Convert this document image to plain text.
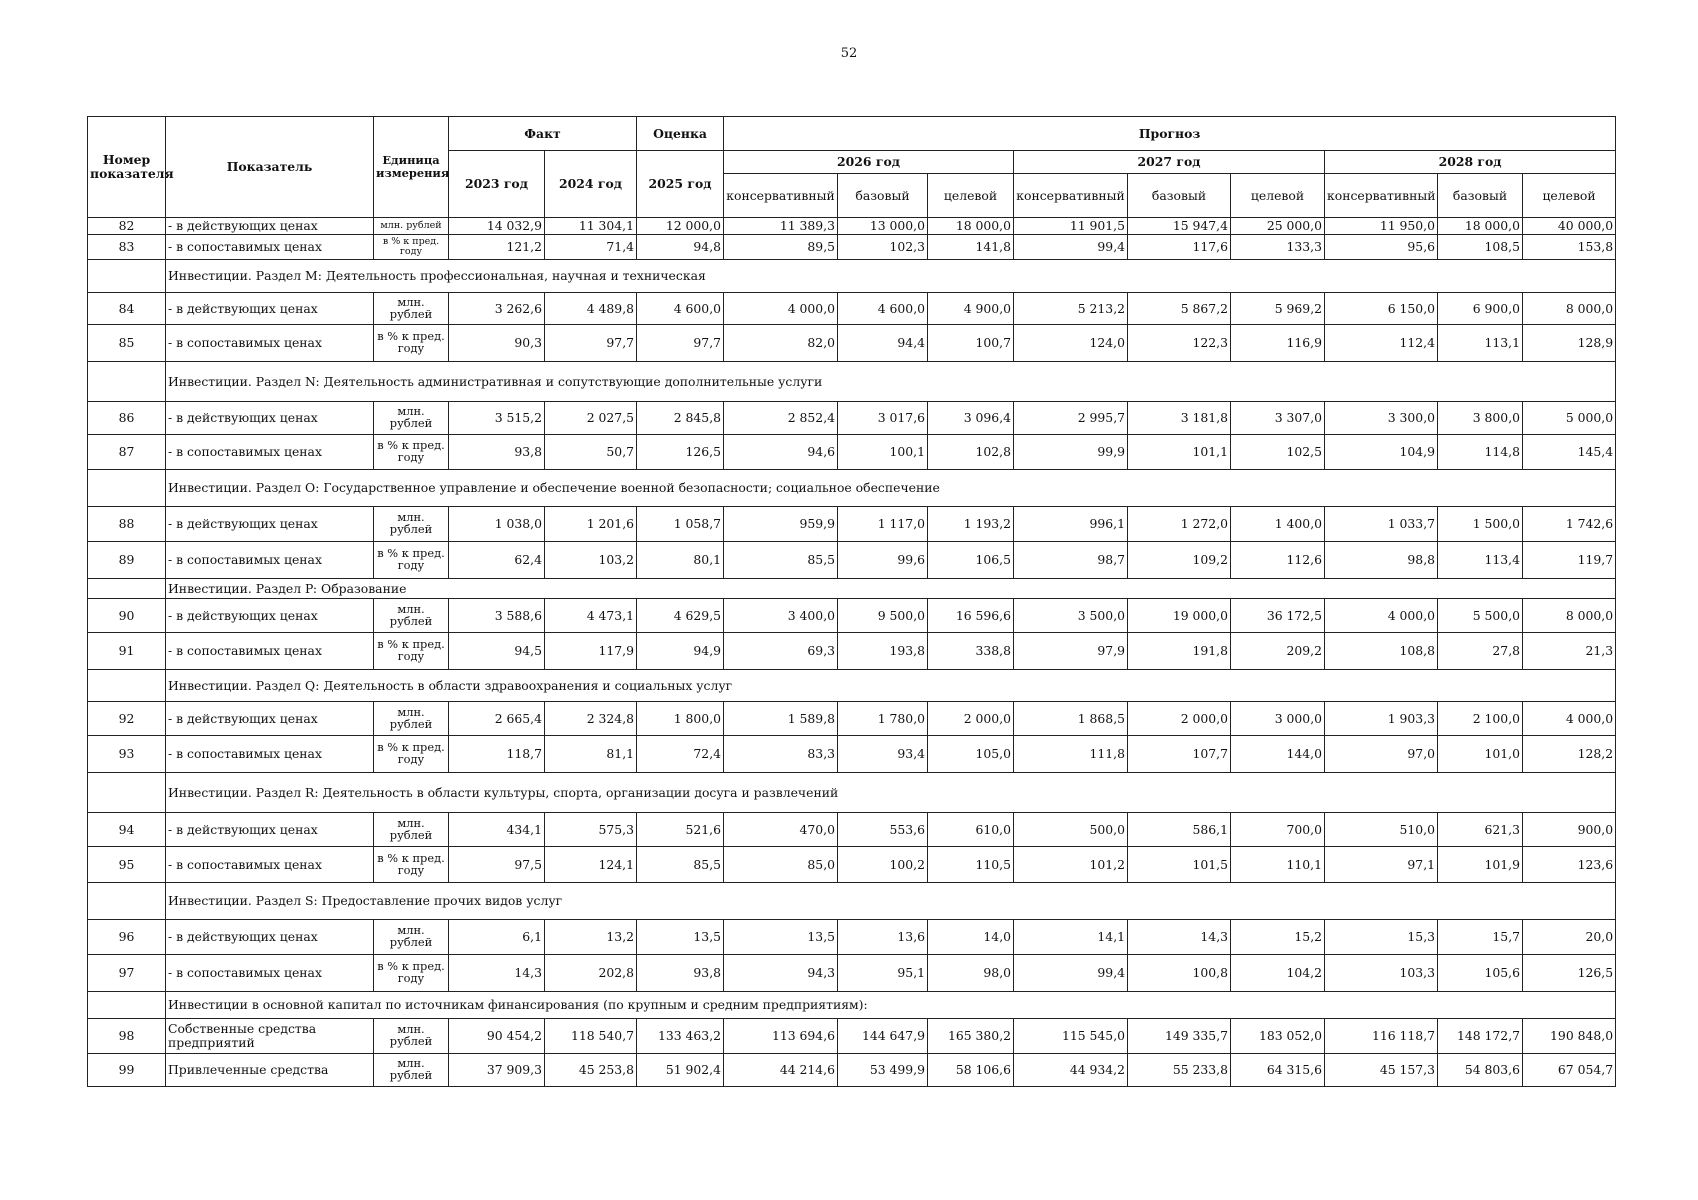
52
Номер показателя	Показатель	Единица измерения	Факт		Оценка	Прогноз								
			2023 год	2024 год	2025 год	2026 год			2027 год			2028 год		
						консервативный	базовый	целевой	консервативный	базовый	целевой	консервативный	базовый	целевой
82	- в действующих ценах	млн. рублей	14 032,9	11 304,1	12 000,0	11 389,3	13 000,0	18 000,0	11 901,5	15 947,4	25 000,0	11 950,0	18 000,0	40 000,0
83	- в сопоставимых ценах	в % к пред. году	121,2	71,4	94,8	89,5	102,3	141,8	99,4	117,6	133,3	95,6	108,5	153,8
	Инвестиции. Раздел M: Деятельность профессиональная, научная и техническая													
84	- в действующих ценах	млн. рублей	3 262,6	4 489,8	4 600,0	4 000,0	4 600,0	4 900,0	5 213,2	5 867,2	5 969,2	6 150,0	6 900,0	8 000,0
85	- в сопоставимых ценах	в % к пред. году	90,3	97,7	97,7	82,0	94,4	100,7	124,0	122,3	116,9	112,4	113,1	128,9
	Инвестиции. Раздел N: Деятельность административная и сопутствующие дополнительные услуги													
86	- в действующих ценах	млн. рублей	3 515,2	2 027,5	2 845,8	2 852,4	3 017,6	3 096,4	2 995,7	3 181,8	3 307,0	3 300,0	3 800,0	5 000,0
87	- в сопоставимых ценах	в % к пред. году	93,8	50,7	126,5	94,6	100,1	102,8	99,9	101,1	102,5	104,9	114,8	145,4
	Инвестиции. Раздел O: Государственное управление и обеспечение военной безопасности; социальное обеспечение													
88	- в действующих ценах	млн. рублей	1 038,0	1 201,6	1 058,7	959,9	1 117,0	1 193,2	996,1	1 272,0	1 400,0	1 033,7	1 500,0	1 742,6
89	- в сопоставимых ценах	в % к пред. году	62,4	103,2	80,1	85,5	99,6	106,5	98,7	109,2	112,6	98,8	113,4	119,7
	Инвестиции. Раздел P: Образование													
90	- в действующих ценах	млн. рублей	3 588,6	4 473,1	4 629,5	3 400,0	9 500,0	16 596,6	3 500,0	19 000,0	36 172,5	4 000,0	5 500,0	8 000,0
91	- в сопоставимых ценах	в % к пред. году	94,5	117,9	94,9	69,3	193,8	338,8	97,9	191,8	209,2	108,8	27,8	21,3
	Инвестиции. Раздел Q: Деятельность в области здравоохранения и социальных услуг													
92	- в действующих ценах	млн. рублей	2 665,4	2 324,8	1 800,0	1 589,8	1 780,0	2 000,0	1 868,5	2 000,0	3 000,0	1 903,3	2 100,0	4 000,0
93	- в сопоставимых ценах	в % к пред. году	118,7	81,1	72,4	83,3	93,4	105,0	111,8	107,7	144,0	97,0	101,0	128,2
	Инвестиции. Раздел R: Деятельность в области культуры, спорта, организации досуга и развлечений													
94	- в действующих ценах	млн. рублей	434,1	575,3	521,6	470,0	553,6	610,0	500,0	586,1	700,0	510,0	621,3	900,0
95	- в сопоставимых ценах	в % к пред. году	97,5	124,1	85,5	85,0	100,2	110,5	101,2	101,5	110,1	97,1	101,9	123,6
	Инвестиции. Раздел S: Предоставление прочих видов услуг													
96	- в действующих ценах	млн. рублей	6,1	13,2	13,5	13,5	13,6	14,0	14,1	14,3	15,2	15,3	15,7	20,0
97	- в сопоставимых ценах	в % к пред. году	14,3	202,8	93,8	94,3	95,1	98,0	99,4	100,8	104,2	103,3	105,6	126,5
	Инвестиции в основной капитал по источникам финансирования (по крупным и средним предприятиям):													
98	Собственные средства предприятий	млн. рублей	90 454,2	118 540,7	133 463,2	113 694,6	144 647,9	165 380,2	115 545,0	149 335,7	183 052,0	116 118,7	148 172,7	190 848,0
99	Привлеченные средства	млн. рублей	37 909,3	45 253,8	51 902,4	44 214,6	53 499,9	58 106,6	44 934,2	55 233,8	64 315,6	45 157,3	54 803,6	67 054,7
